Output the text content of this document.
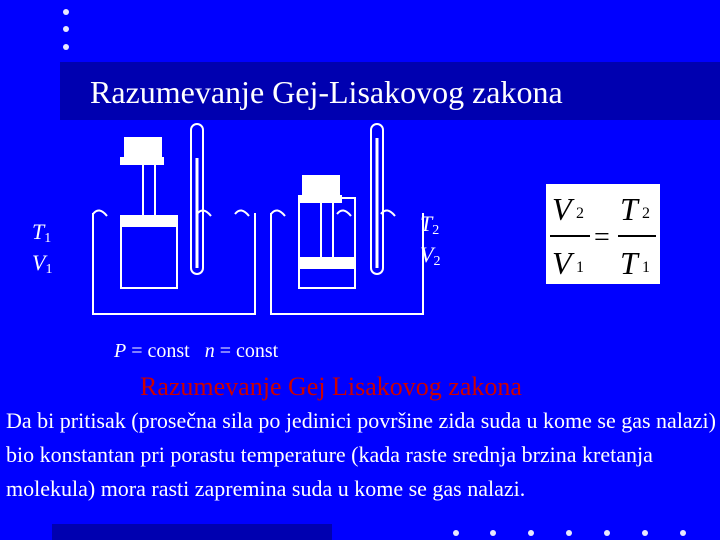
Razumevanje Gej-Lisakovog zakona
$T_1$
$V_1$
$T_2$
$V_2$
V 2
V 1
=
T 2
T 1
P = const n = const
Razumevanje Gej Lisakovog zakona
Da bi pritisak (prosečna sila po jedinici površine zida suda u kome se gas nalazi) bio konstantan pri porastu temperature (kada raste srednja brzina kretanja molekula) mora rasti zapremina suda u kome se gas nalazi.
